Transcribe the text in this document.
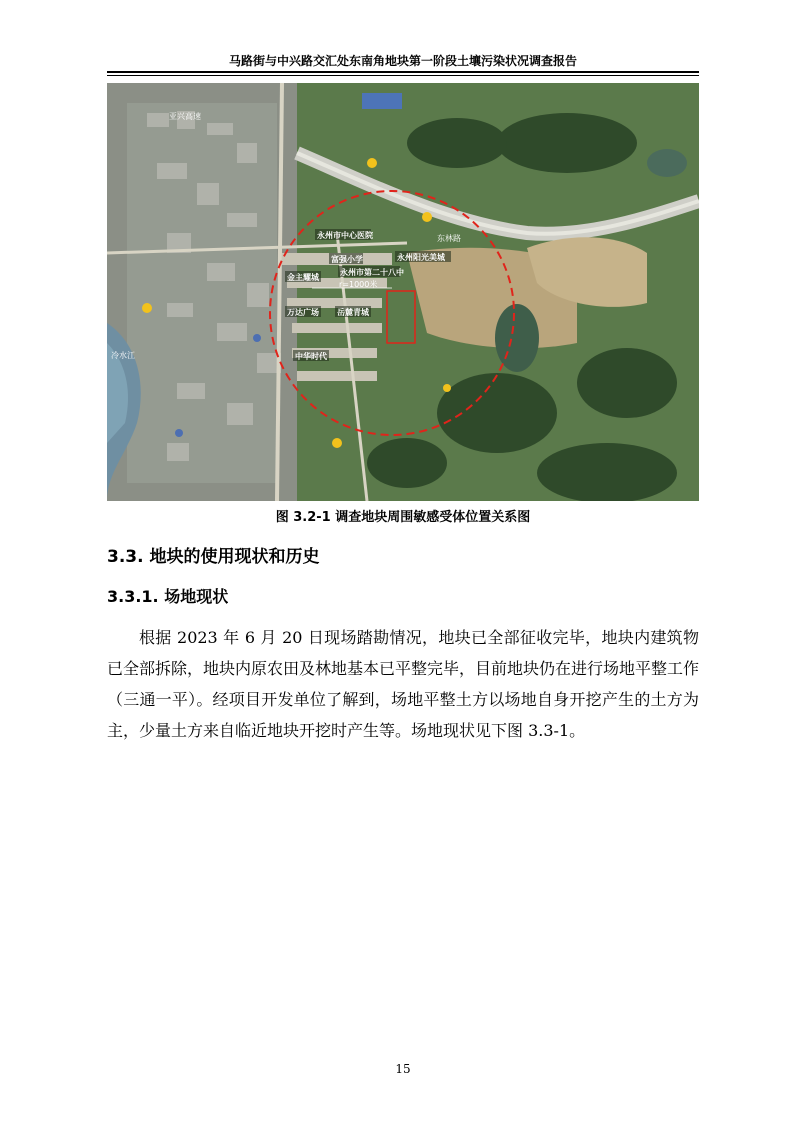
马路街与中兴路交汇处东南角地块第一阶段土壤污染状况调查报告
永州市中心医院
富强小学
永州市第二十八中
永州阳光美城
金主耀城
万达广场 岳麓青城
中华时代
r=1000米
东林路
亚兴高速
冷水江
图 3.2-1 调查地块周围敏感受体位置关系图
3.3. 地块的使用现状和历史
3.3.1. 场地现状
根据 2023 年 6 月 20 日现场踏勘情况，地块已全部征收完毕，地块内建筑物已全部拆除，地块内原农田及林地基本已平整完毕，目前地块仍在进行场地平整工作（三通一平）。经项目开发单位了解到，场地平整土方以场地自身开挖产生的土方为主，少量土方来自临近地块开挖时产生等。场地现状见下图 3.3-1。
15
